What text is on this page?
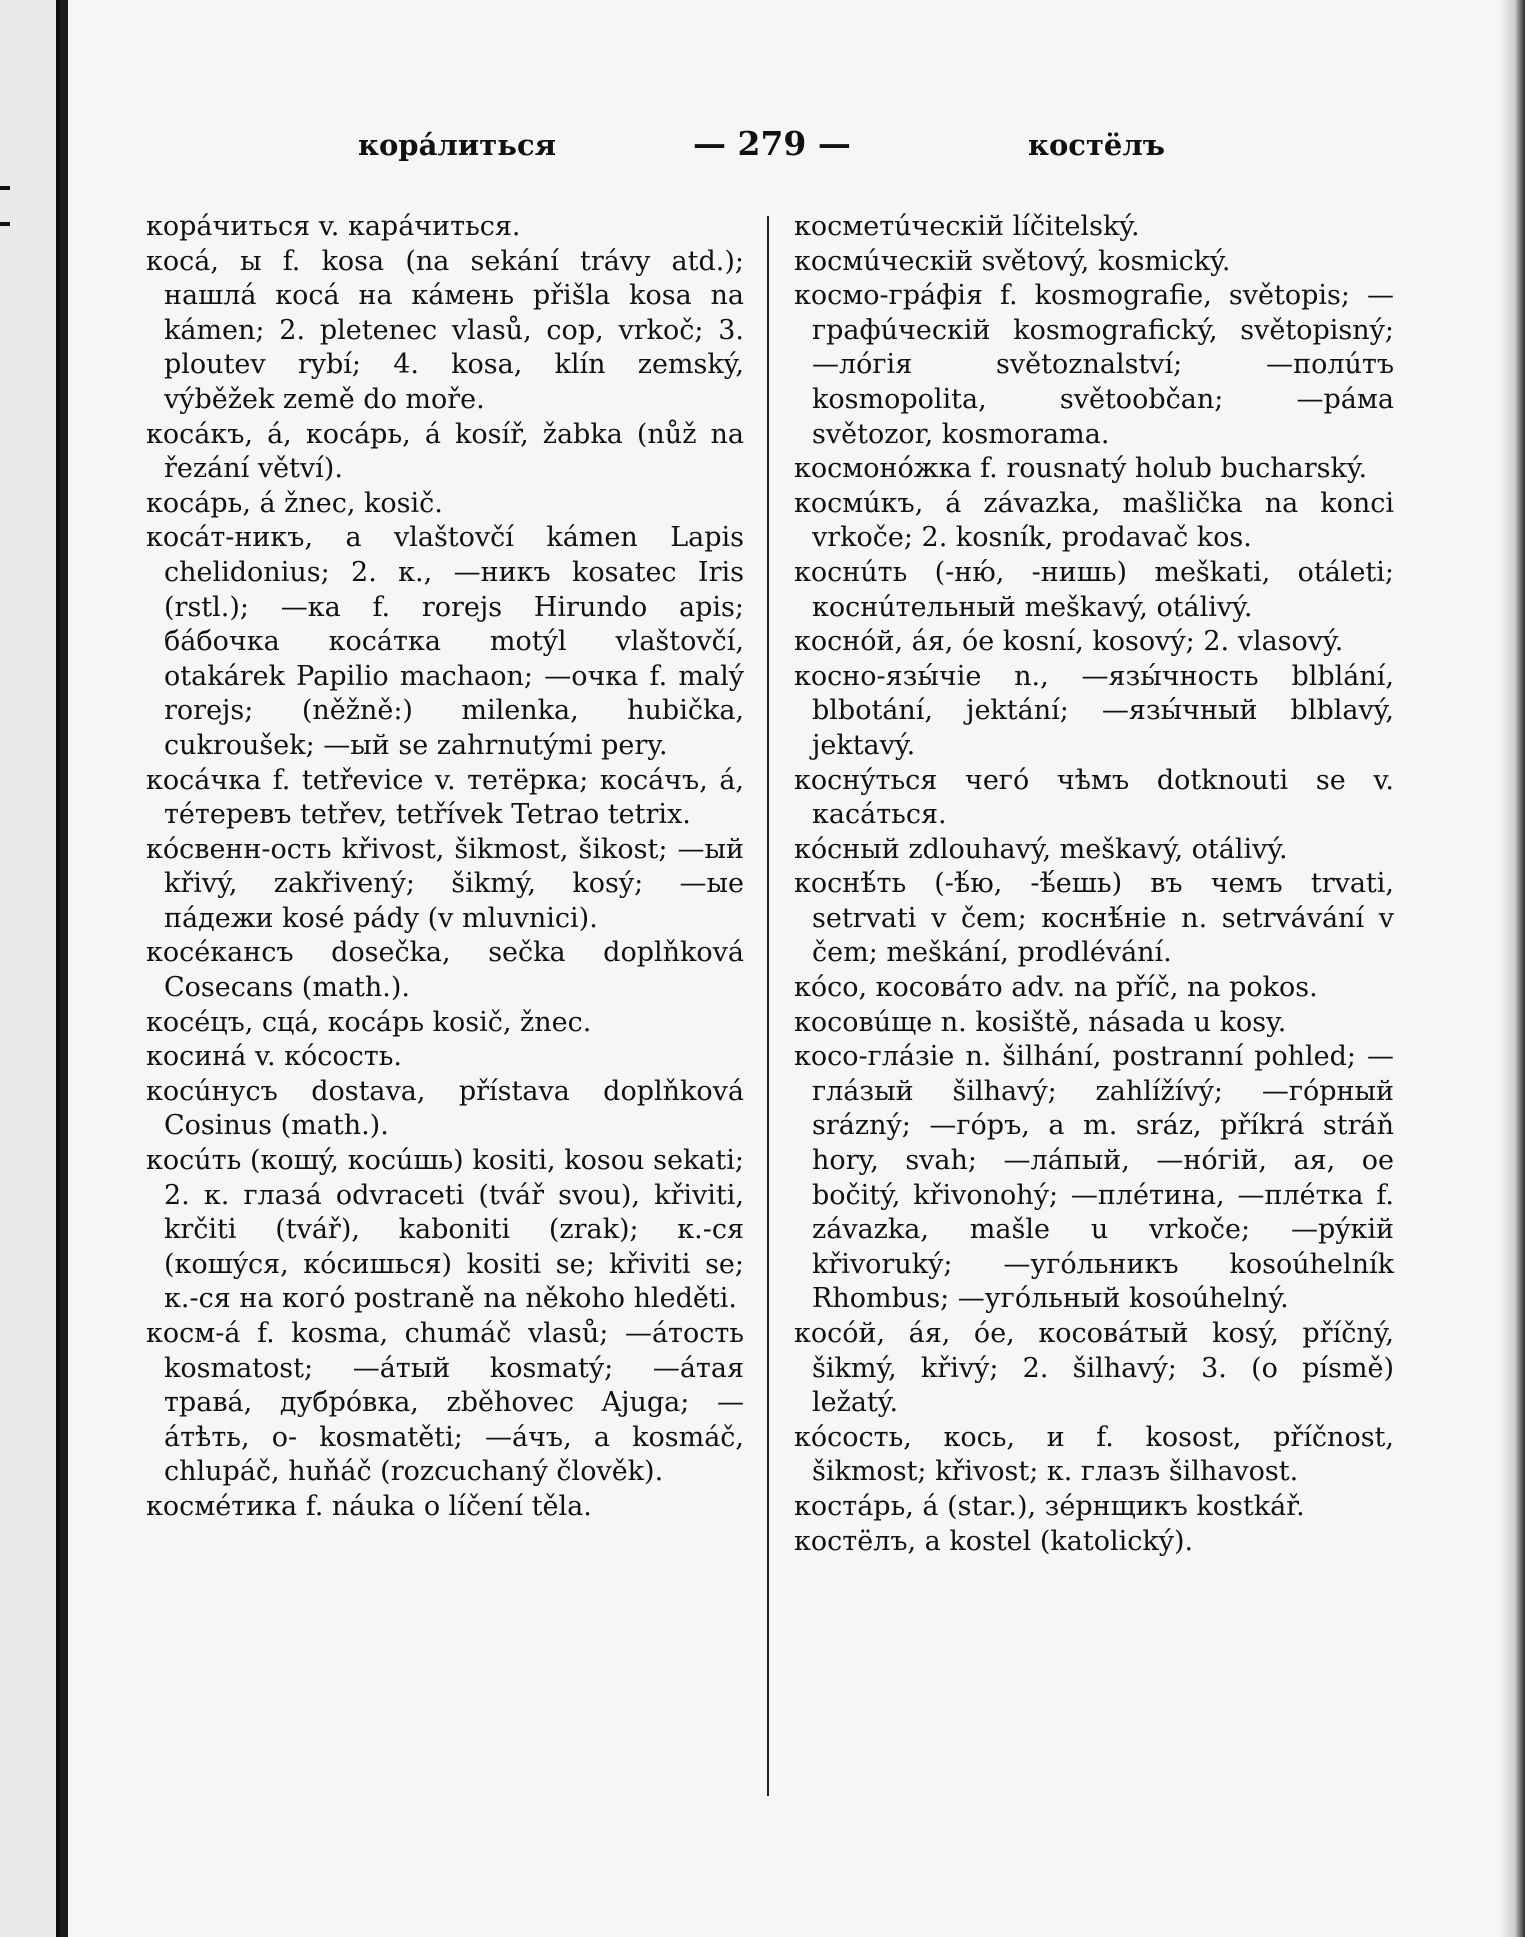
корáлиться	— 279 —	костёлъ

корáчиться v. карáчиться.

косá, ы f. kosa (na sekání trávy atd.); нашлá косá на кáмень přišla kosa na kámen; 2. pletenec vlasů, cop, vrkoč; 3. ploutev rybí; 4. kosa, klín zemský, výběžek země do moře.

косáкъ, á, косáрь, á kosíř, žabka (nůž na řezání větví).

косáрь, á žnec, kosič.

косáт-никъ, а vlaštovčí kámen Lapis chelidonius; 2. к., —никъ kosatec Iris (rstl.); —ка f. rorejs Hirundo apis; бáбочка косáтка motýl vlaštovčí, otakárek Papilio machaon; —очка f. malý rorejs; (něžně:) milenka, hubička, cukroušek; —ый se zahrnutými pery.

косáчка f. tetřevice v. тетёрка; косáчъ, á, тéтеревъ tetřev, tetřívek Tetrao tetrix.

кóсвенн-ость křivost, šikmost, šikost; —ый křivý, zakřivený; šikmý, kosý; —ые пáдежи kosé pády (v mluvnici).

косéкансъ dosečka, sečka doplňková Cosecans (math.).

косéцъ, сцá, косáрь kosič, žnec.

косинá v. кóсость.

косúнусъ dostava, přístava doplňková Cosinus (math.).

косúть (кошý, косúшь) kositi, kosou sekati; 2. к. глазá odvraceti (tvář svou), křiviti, krčiti (tvář), kaboniti (zrak); к.-ся (кошýся, кóсишься) kositi se; křiviti se; к.-ся на когó postraně na někoho hleděti.

косм-á f. kosma, chumáč vlasů; —áтость kosmatost; —áтый kosmatý; —áтая травá, дубрóвка, zběhovec Ajuga; —áтѣть, о- kosmatěti; —áчъ, a kosmáč, chlupáč, huňáč (rozcuchaný člověk).

космéтика f. náuka o líčení těla.

косметúческій líčitelský.

космúческій světový, kosmický.

космо-грáфія f. kosmografie, světopis; —графúческій kosmografický, světopisný; —лóгія světoznalství; —полúтъ kosmopolita, světoobčan; —рáма světozor, kosmorama.

космонóжка f. rousnatý holub bucharský.

космúкъ, á závazka, mašlička na konci vrkoče; 2. kosník, prodavač kos.

коснúть (-ню́, -нишь) meškati, otáleti; коснúтельный meškavý, otálivý.

коснóй, áя, óе kosní, kosový; 2. vlasový.

косно-язы́чіе n., —язы́чность blblání, blbotání, jektání; —язы́чный blblavý, jektavý.

коснýться чегó чѣмъ dotknouti se v. касáться.

кóсный zdlouhavý, meškavý, otálivý.

коснѣ́ть (-ѣ́ю, -ѣ́ешь) въ чемъ trvati, setrvati v čem; коснѣ́ніе n. setrvávání v čem; meškání, prodlévání.

кóсо, косовáто adv. na příč, na pokos.

косовúще n. kosiště, násada u kosy.

косо-глáзіе n. šilhání, postranní pohled; —глáзый šilhavý; zahlížívý; —гóрный srázný; —гóръ, a m. sráz, příkrá stráň hory, svah; —лáпый, —нóгій, ая, ое bočitý, křivonohý; —плéтина, —плéтка f. závazka, mašle u vrkoče; —рýкій křivoruký; —угóльникъ kosoúhelník Rhombus; —угóльный kosoúhelný.

косóй, áя, óе, косовáтый kosý, příčný, šikmý, křivý; 2. šilhavý; 3. (o písmě) ležatý.

кóсость, кось, и f. kosost, příčnost, šikmost; křivost; к. глазъ šilhavost.

костáрь, á (star.), зéрнщикъ kostkář.

костёлъ, а kostel (katolický).
